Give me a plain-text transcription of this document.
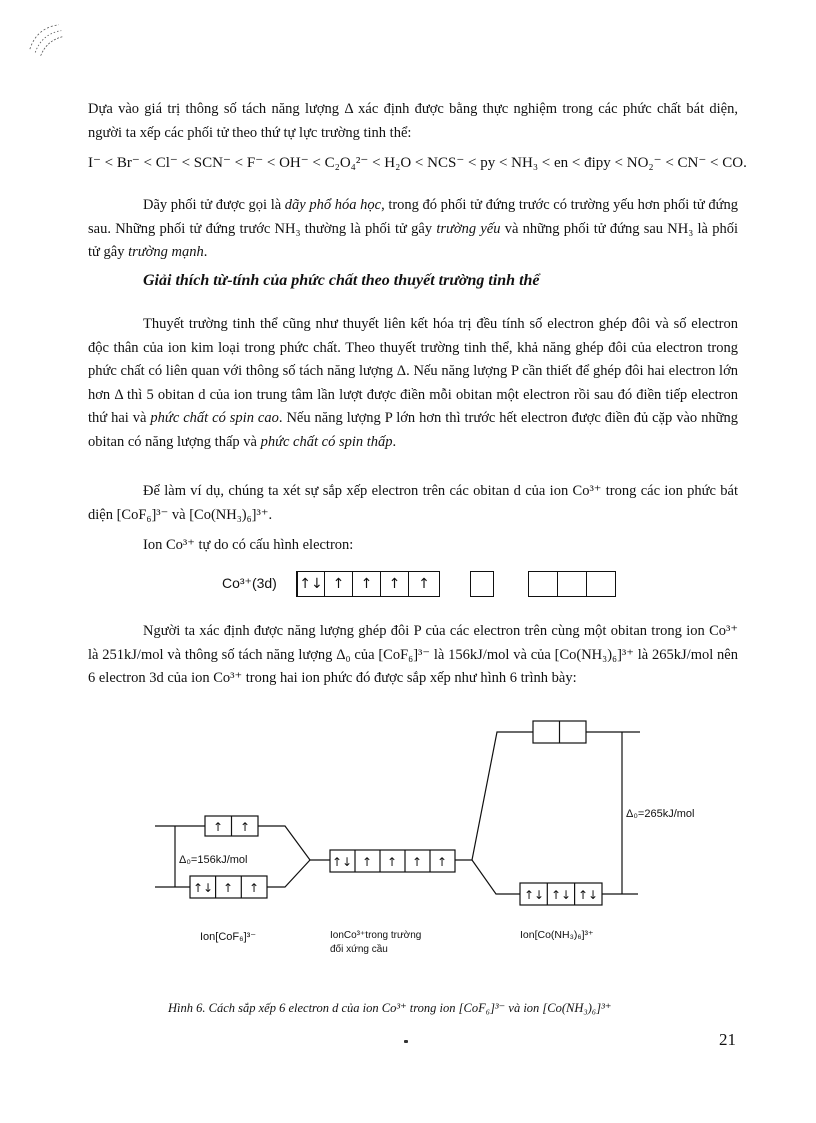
Dựa vào giá trị thông số tách năng lượng Δ xác định được bằng thực nghiệm trong các phức chất bát diện, người ta xếp các phối tử theo thứ tự lực trường tinh thể:

I⁻ < Br⁻ < Cl⁻ < SCN⁻ < F⁻ < OH⁻ < C₂O₄²⁻ < H₂O < NCS⁻ < py < NH₃ < en < đipy < NO₂⁻ < CN⁻ < CO.

Dãy phối tử được gọi là dãy phổ hóa học, trong đó phối tử đứng trước có trường yếu hơn phối tử đứng sau. Những phối tử đứng trước NH₃ thường là phối tử gây trường yếu và những phối tử đứng sau NH₃ là phối tử gây trường mạnh.

Giải thích từ-tính của phức chất theo thuyết trường tinh thể

Thuyết trường tinh thể cũng như thuyết liên kết hóa trị đều tính số electron ghép đôi và số electron độc thân của ion kim loại trong phức chất. Theo thuyết trường tinh thể, khả năng ghép đôi của electron trong phức chất có liên quan với thông số tách năng lượng Δ. Nếu năng lượng P cần thiết để ghép đôi hai electron lớn hơn Δ thì 5 obitan d của ion trung tâm lần lượt được điền mỗi obitan một electron rồi sau đó điền tiếp electron thứ hai và phức chất có spin cao. Nếu năng lượng P lớn hơn thì trước hết electron được điền đủ cặp vào những obitan có năng lượng thấp và phức chất có spin thấp.

Để làm ví dụ, chúng ta xét sự sắp xếp electron trên các obitan d của ion Co³⁺ trong các ion phức bát diện [CoF₆]³⁻ và [Co(NH₃)₆]³⁺.

Ion Co³⁺ tự do có cấu hình electron:
Co³⁺(3d) ↑↓ ↑	↑	↑	↑

Người ta xác định được năng lượng ghép đôi P của các electron trên cùng một obitan trong ion Co³⁺ là 251kJ/mol và thông số tách năng lượng Δ₀ của [CoF₆]³⁻ là 156kJ/mol và của [Co(NH₃)₆]³⁺ là 265kJ/mol nên 6 electron 3d của ion Co³⁺ trong hai ion phức đó được sắp xếp như hình 6 trình bày:

↑ ↑
↑↓ ↑ ↑
↑↓ ↑ ↑ ↑ ↑
↑↓ ↑↓ ↑↓
Δ₀=156kJ/mol
Δ₀=265kJ/mol
Ion[CoF₆]³⁻	IonCo³⁺trong trường
đối xứng cầu
Ion[Co(NH₃)₆]³⁺
Hình 6. Cách sắp xếp 6 electron d của ion Co³⁺ trong ion [CoF₆]³⁻ và ion [Co(NH₃)₆]³⁺
21
